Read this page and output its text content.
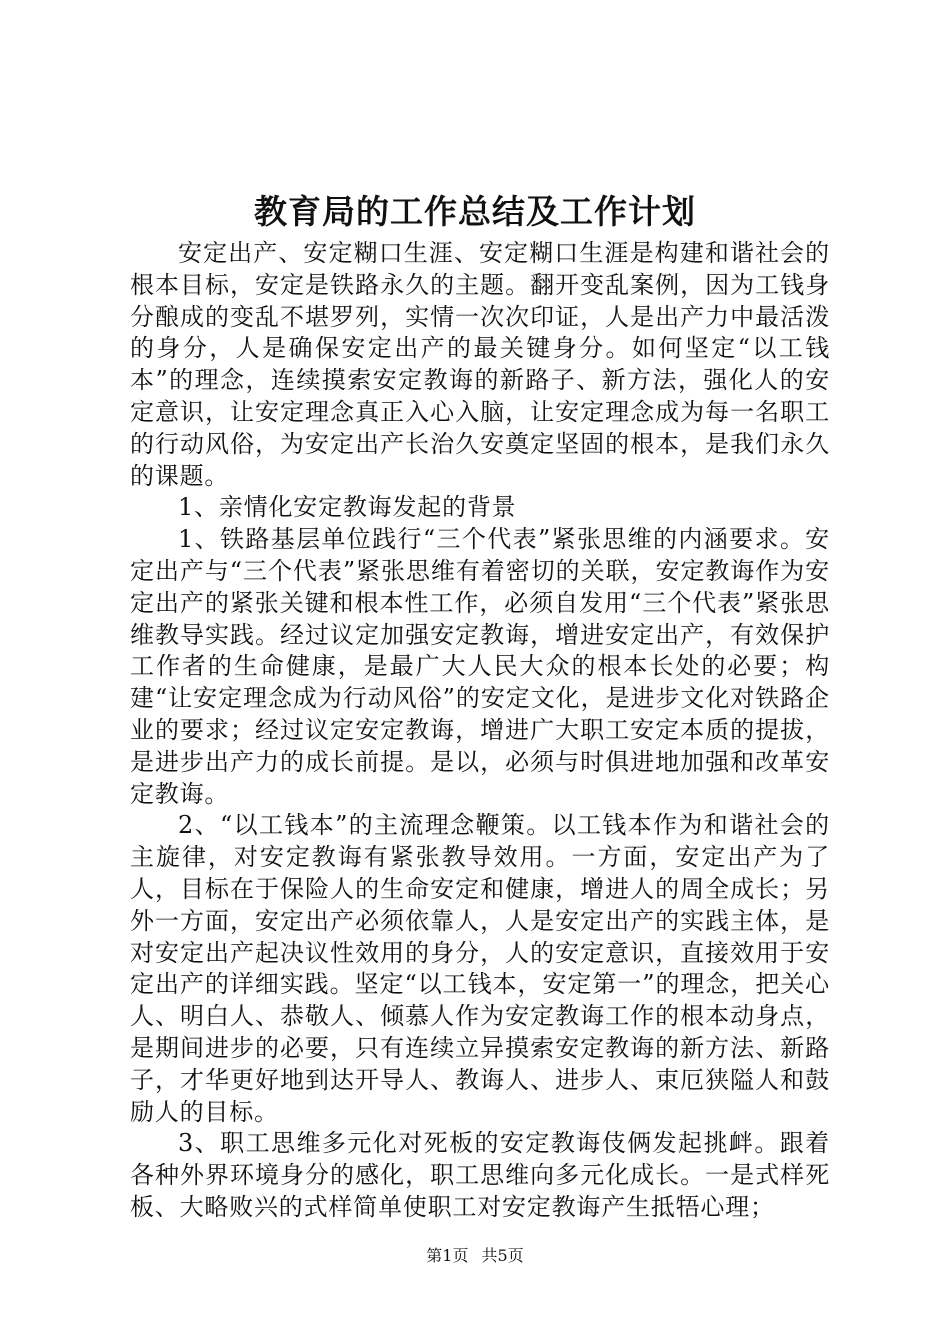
教育局的工作总结及工作计划

安定出产、安定糊口生涯、安定糊口生涯是构建和谐社会的根本目标，安定是铁路永久的主题。翻开变乱案例，因为工钱身分酿成的变乱不堪罗列，实情一次次印证，人是出产力中最活泼的身分，人是确保安定出产的最关键身分。如何坚定“以工钱本”的理念，连续摸索安定教诲的新路子、新方法，强化人的安定意识，让安定理念真正入心入脑，让安定理念成为每一名职工的行动风俗，为安定出产长治久安奠定坚固的根本，是我们永久的课题。

1、亲情化安定教诲发起的背景

1、铁路基层单位践行“三个代表”紧张思维的内涵要求。安定出产与“三个代表”紧张思维有着密切的关联，安定教诲作为安定出产的紧张关键和根本性工作，必须自发用“三个代表”紧张思维教导实践。经过议定加强安定教诲，增进安定出产，有效保护工作者的生命健康，是最广大人民大众的根本长处的必要；构建“让安定理念成为行动风俗”的安定文化，是进步文化对铁路企业的要求；经过议定安定教诲，增进广大职工安定本质的提拔，是进步出产力的成长前提。是以，必须与时俱进地加强和改革安定教诲。

2、“以工钱本”的主流理念鞭策。以工钱本作为和谐社会的主旋律，对安定教诲有紧张教导效用。一方面，安定出产为了人，目标在于保险人的生命安定和健康，增进人的周全成长；另外一方面，安定出产必须依靠人，人是安定出产的实践主体，是对安定出产起决议性效用的身分，人的安定意识，直接效用于安定出产的详细实践。坚定“以工钱本，安定第一”的理念，把关心人、明白人、恭敬人、倾慕人作为安定教诲工作的根本动身点，是期间进步的必要，只有连续立异摸索安定教诲的新方法、新路子，才华更好地到达开导人、教诲人、进步人、束厄狭隘人和鼓励人的目标。

3、职工思维多元化对死板的安定教诲伎俩发起挑衅。跟着各种外界环境身分的感化，职工思维向多元化成长。一是式样死板、大略败兴的式样简单使职工对安定教诲产生抵牾心理；

第1页 共5页
